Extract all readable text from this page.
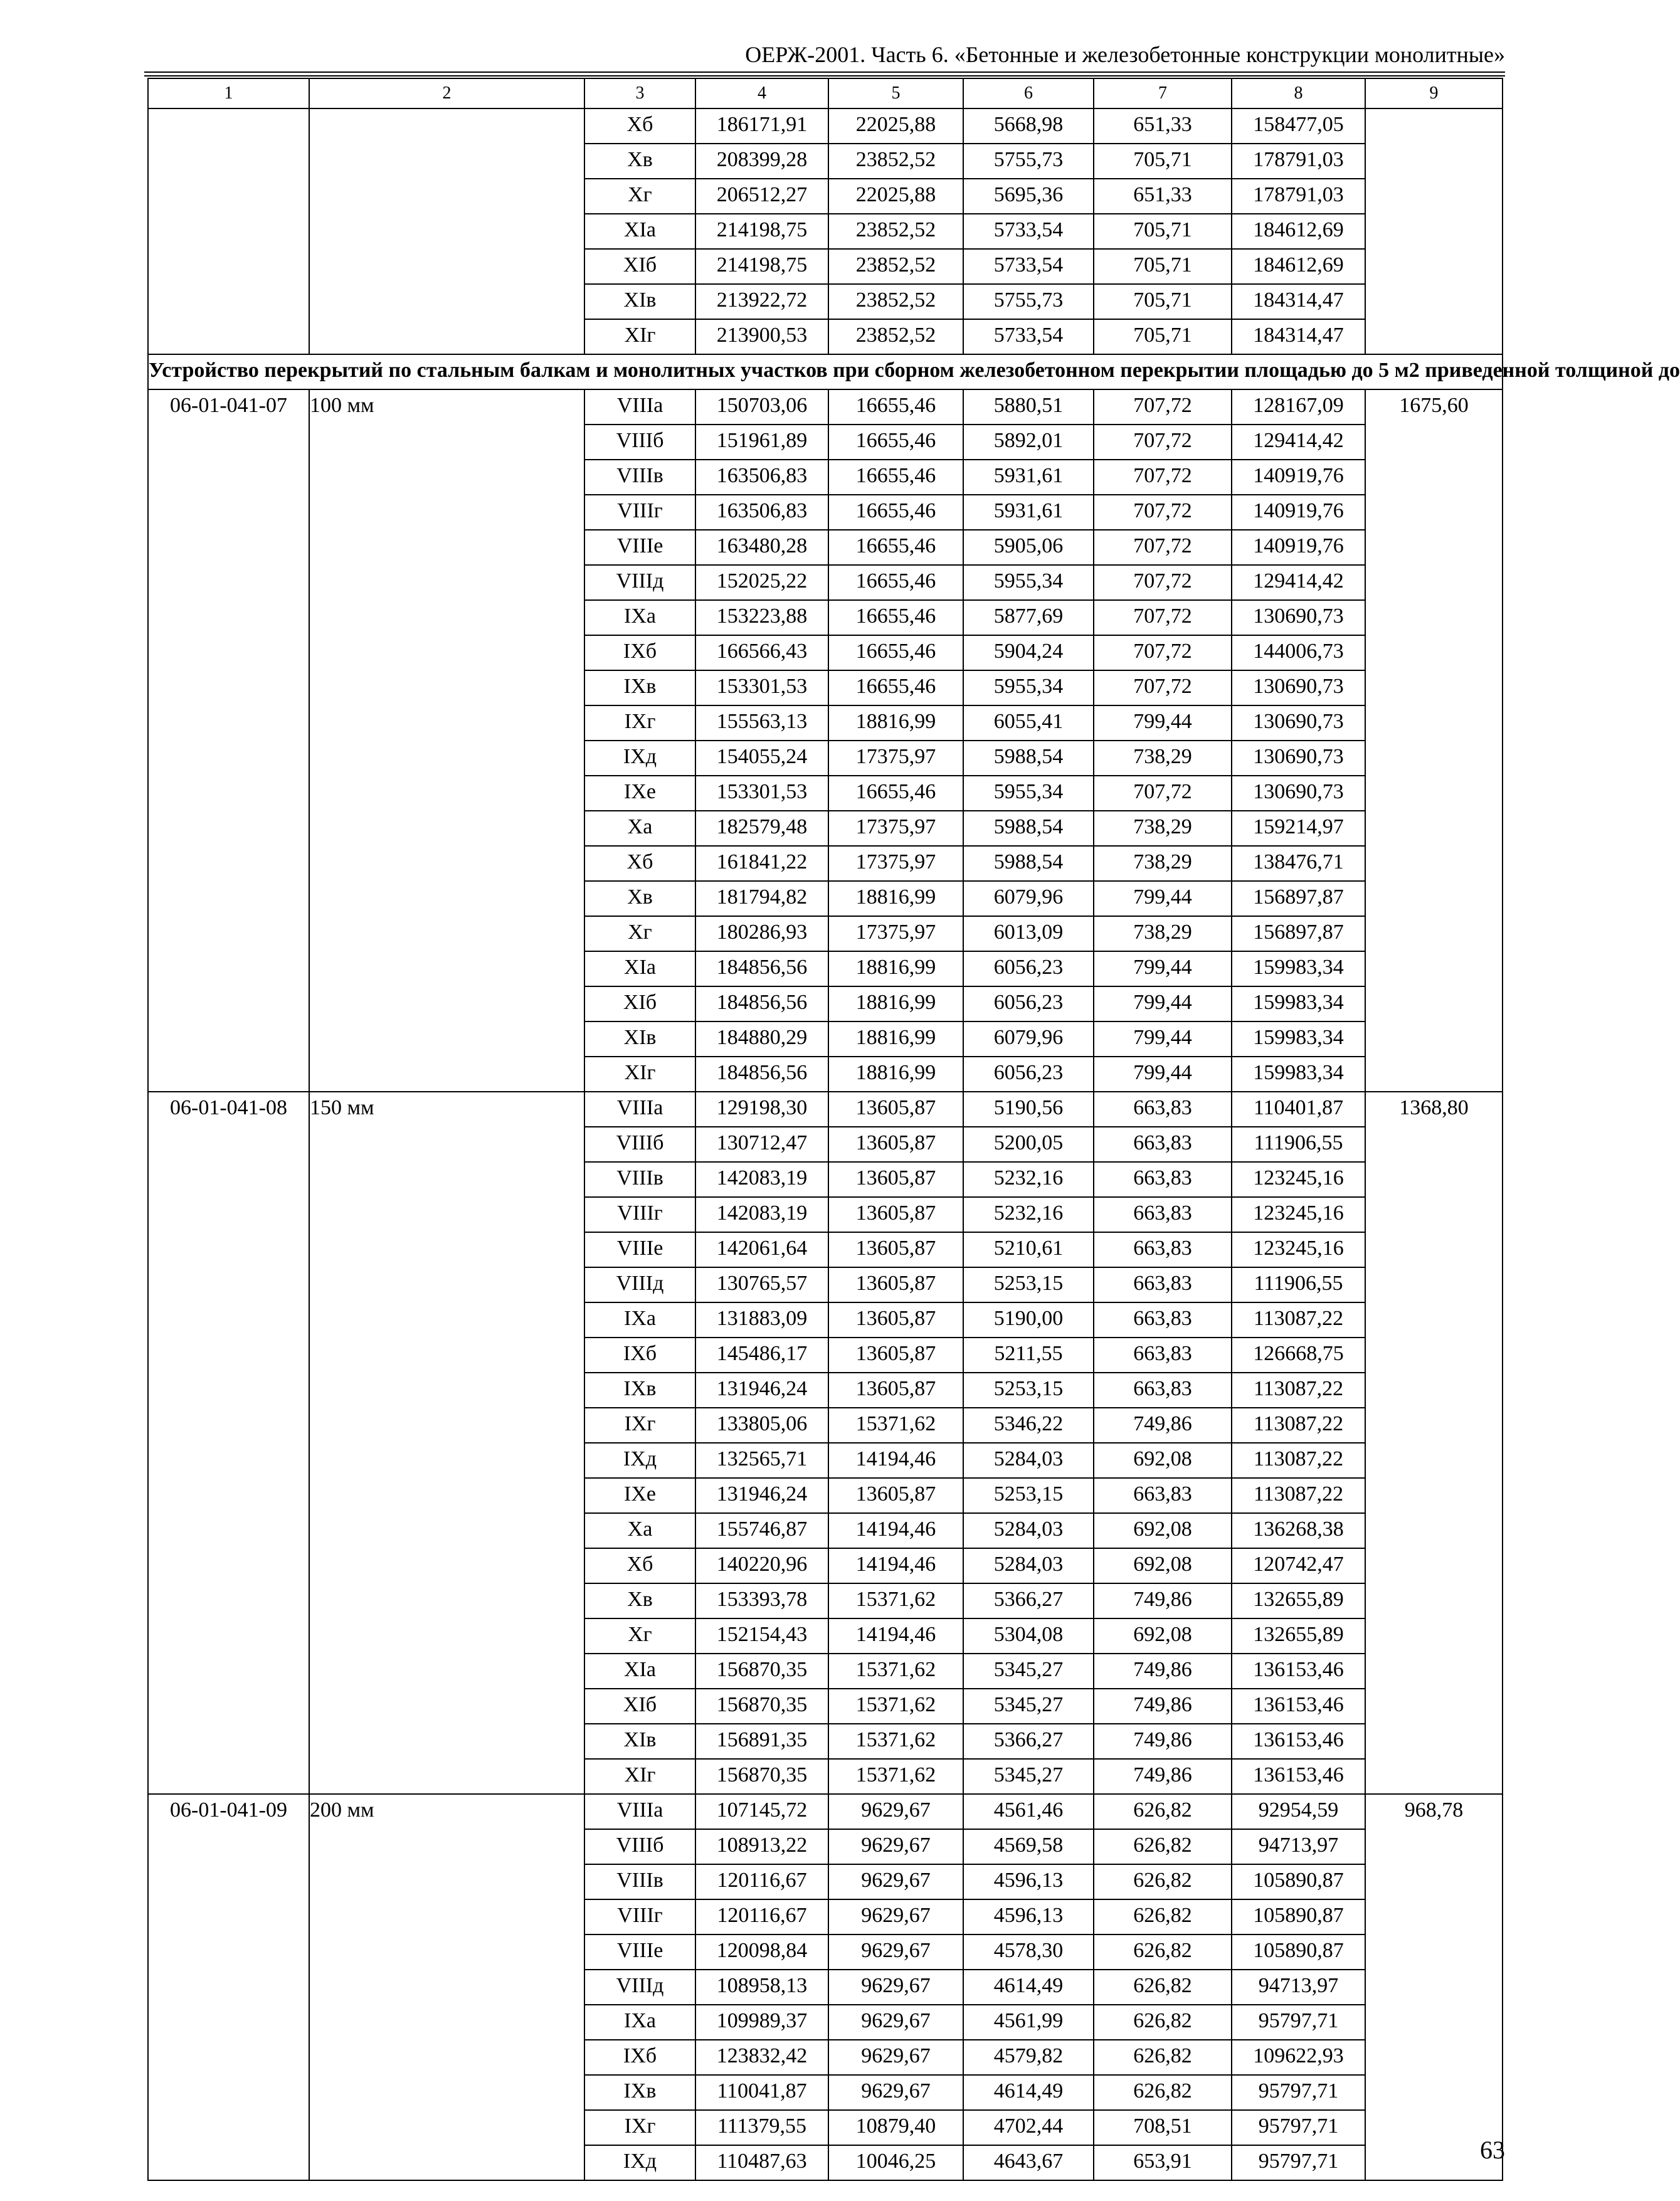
ОЕРЖ-2001. Часть 6. «Бетонные и железобетонные конструкции монолитные»
1	2	3	4	5	6	7	8	9
		Хб	186171,91	22025,88	5668,98	651,33	158477,05	
		Хв	208399,28	23852,52	5755,73	705,71	178791,03	
		Хг	206512,27	22025,88	5695,36	651,33	178791,03	
		ХIа	214198,75	23852,52	5733,54	705,71	184612,69	
		ХIб	214198,75	23852,52	5733,54	705,71	184612,69	
		ХIв	213922,72	23852,52	5755,73	705,71	184314,47	
		ХIг	213900,53	23852,52	5733,54	705,71	184314,47	
Устройство перекрытий по стальным балкам и монолитных участков при сборном железобетонном перекрытии площадью до 5 м2 приведенной толщиной до								
06-01-041-07	100 мм	VIIIа	150703,06	16655,46	5880,51	707,72	128167,09	1675,60
		VIIIб	151961,89	16655,46	5892,01	707,72	129414,42	
		VIIIв	163506,83	16655,46	5931,61	707,72	140919,76	
		VIIIг	163506,83	16655,46	5931,61	707,72	140919,76	
		VIIIе	163480,28	16655,46	5905,06	707,72	140919,76	
		VIIIд	152025,22	16655,46	5955,34	707,72	129414,42	
		IХа	153223,88	16655,46	5877,69	707,72	130690,73	
		IХб	166566,43	16655,46	5904,24	707,72	144006,73	
		IХв	153301,53	16655,46	5955,34	707,72	130690,73	
		IХг	155563,13	18816,99	6055,41	799,44	130690,73	
		IХд	154055,24	17375,97	5988,54	738,29	130690,73	
		IХе	153301,53	16655,46	5955,34	707,72	130690,73	
		Ха	182579,48	17375,97	5988,54	738,29	159214,97	
		Хб	161841,22	17375,97	5988,54	738,29	138476,71	
		Хв	181794,82	18816,99	6079,96	799,44	156897,87	
		Хг	180286,93	17375,97	6013,09	738,29	156897,87	
		ХIа	184856,56	18816,99	6056,23	799,44	159983,34	
		ХIб	184856,56	18816,99	6056,23	799,44	159983,34	
		ХIв	184880,29	18816,99	6079,96	799,44	159983,34	
		ХIг	184856,56	18816,99	6056,23	799,44	159983,34	
06-01-041-08	150 мм	VIIIа	129198,30	13605,87	5190,56	663,83	110401,87	1368,80
		VIIIб	130712,47	13605,87	5200,05	663,83	111906,55	
		VIIIв	142083,19	13605,87	5232,16	663,83	123245,16	
		VIIIг	142083,19	13605,87	5232,16	663,83	123245,16	
		VIIIе	142061,64	13605,87	5210,61	663,83	123245,16	
		VIIIд	130765,57	13605,87	5253,15	663,83	111906,55	
		IХа	131883,09	13605,87	5190,00	663,83	113087,22	
		IХб	145486,17	13605,87	5211,55	663,83	126668,75	
		IХв	131946,24	13605,87	5253,15	663,83	113087,22	
		IХг	133805,06	15371,62	5346,22	749,86	113087,22	
		IХд	132565,71	14194,46	5284,03	692,08	113087,22	
		IХе	131946,24	13605,87	5253,15	663,83	113087,22	
		Ха	155746,87	14194,46	5284,03	692,08	136268,38	
		Хб	140220,96	14194,46	5284,03	692,08	120742,47	
		Хв	153393,78	15371,62	5366,27	749,86	132655,89	
		Хг	152154,43	14194,46	5304,08	692,08	132655,89	
		ХIа	156870,35	15371,62	5345,27	749,86	136153,46	
		ХIб	156870,35	15371,62	5345,27	749,86	136153,46	
		ХIв	156891,35	15371,62	5366,27	749,86	136153,46	
		ХIг	156870,35	15371,62	5345,27	749,86	136153,46	
06-01-041-09	200 мм	VIIIа	107145,72	9629,67	4561,46	626,82	92954,59	968,78
		VIIIб	108913,22	9629,67	4569,58	626,82	94713,97	
		VIIIв	120116,67	9629,67	4596,13	626,82	105890,87	
		VIIIг	120116,67	9629,67	4596,13	626,82	105890,87	
		VIIIе	120098,84	9629,67	4578,30	626,82	105890,87	
		VIIIд	108958,13	9629,67	4614,49	626,82	94713,97	
		IХа	109989,37	9629,67	4561,99	626,82	95797,71	
		IХб	123832,42	9629,67	4579,82	626,82	109622,93	
		IХв	110041,87	9629,67	4614,49	626,82	95797,71	
		IХг	111379,55	10879,40	4702,44	708,51	95797,71	
		IХд	110487,63	10046,25	4643,67	653,91	95797,71		63
